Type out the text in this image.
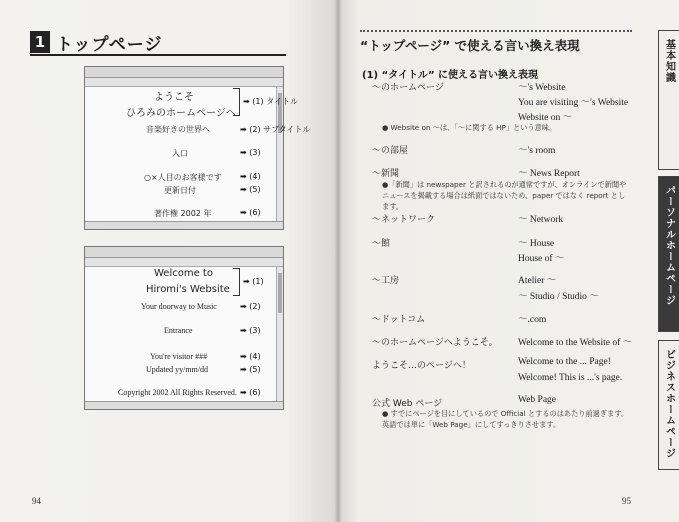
1 トップページ
ようこそ
ひろみのホームページへ
音楽好きの世界へ
入口
○×人目のお客様です
更新日付
著作権 2002 年
➡ (1) タイトル
➡ (2) サブタイトル
➡ (3)
➡ (4)
➡ (5)
➡ (6)
Welcome to
Hiromi's Website
Your doorway to Music
Entrance
You're visitor ###
Updated yy/mm/dd
Copyright 2002 All Rights Reserved.
➡ (1)
➡ (2)
➡ (3)
➡ (4)
➡ (5)
➡ (6)
94
“トップページ” で使える言い換え表現
(1) “タイトル” に使える言い換え表現
〜のホームページ	〜's Website
You are visiting 〜's Website
Website on 〜
● Website on 〜は、「〜に関する HP」という意味。
〜の部屋	〜's room
〜新聞	〜 News Report
●「新聞」は newspaper と訳されるのが通常ですが、オンラインで新聞やニュースを掲載する場合は紙面ではないため、paper ではなく report とします。
〜ネットワーク	〜 Network
〜館	〜 House
House of 〜
〜工房	Atelier 〜
〜 Studio / Studio 〜
〜ドットコム	〜.com
〜のホームページへようこそ。 Welcome to the Website of 〜
ようこそ…のページへ！	Welcome to the ... Page!
Welcome! This is ...'s page.
公式 Web ページ	Web Page
● すでにページを目にしているので Official とするのはあたり前過ぎます。英語では単に「Web Page」にしてすっきりさせます。
95
基本知識
パーソナルホームページ
ビジネスホームページ
